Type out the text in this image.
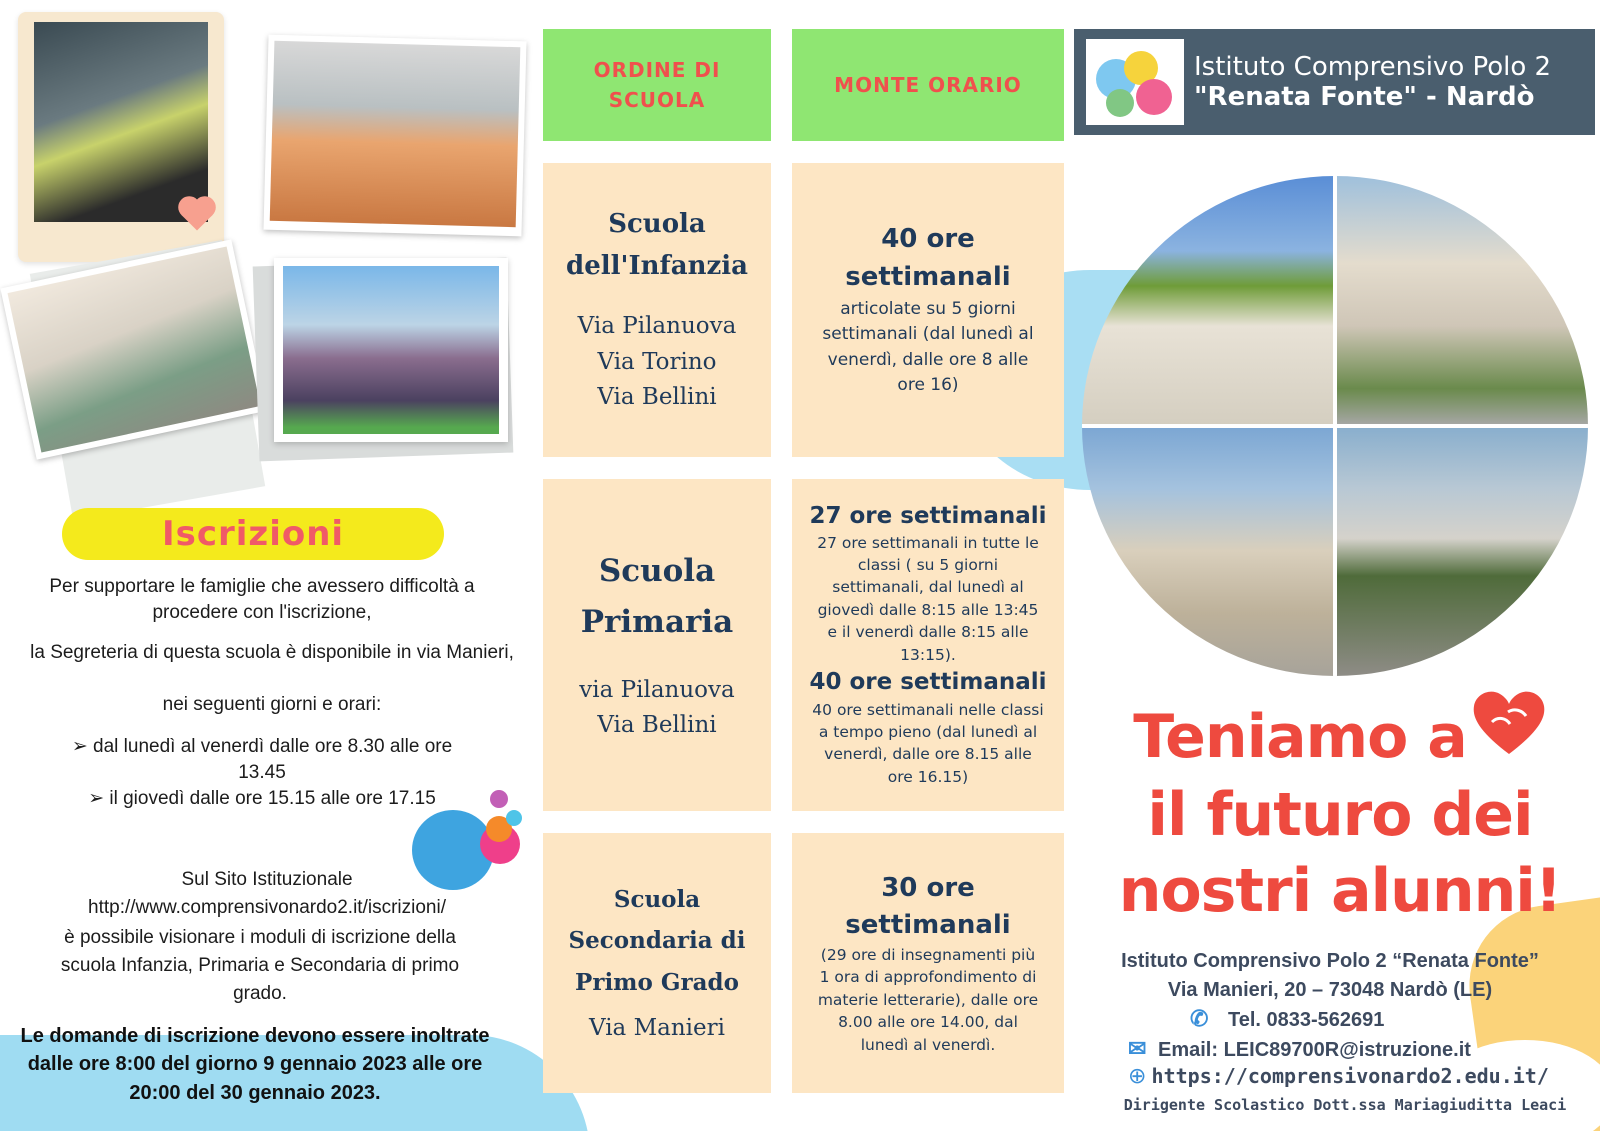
Iscrizioni
Per supportare le famiglie che avessero difficoltà a procedere con l'iscrizione,
la Segreteria di questa scuola è disponibile in via Manieri,
nei seguenti giorni e orari:
➢ dal lunedì al venerdì dalle ore 8.30 alle ore 13.45
➢ il giovedì dalle ore 15.15 alle ore 17.15
Sul Sito Istituzionale
http://www.comprensivonardo2.it/iscrizioni/
è possibile visionare i moduli di iscrizione della scuola Infanzia, Primaria e Secondaria di primo grado.
Le domande di iscrizione devono essere inoltrate dalle ore 8:00 del giorno 9 gennaio 2023 alle ore 20:00 del 30 gennaio 2023.
ORDINE DI SCUOLA
MONTE ORARIO
Scuola dell'Infanzia
Via Pilanuova
Via Torino
Via Bellini
40 ore settimanali
articolate su 5 giorni settimanali (dal lunedì al venerdì, dalle ore 8 alle ore 16)
Scuola Primaria
via Pilanuova
Via Bellini
27 ore settimanali
27 ore settimanali in tutte le classi ( su 5 giorni settimanali, dal lunedì al giovedì dalle 8:15 alle 13:45 e il venerdì dalle 8:15 alle 13:15).
40 ore settimanali
40 ore settimanali nelle classi a tempo pieno (dal lunedì al venerdì, dalle ore 8.15 alle ore 16.15)
Scuola Secondaria di Primo Grado
Via Manieri
30 ore settimanali
(29 ore di insegnamenti più 1 ora di approfondimento di materie letterarie), dalle ore 8.00 alle ore 14.00, dal lunedì al venerdì.
Istituto Comprensivo Polo 2
"Renata Fonte" - Nardò
Teniamo a
il futuro dei
nostri alunni!
Istituto Comprensivo Polo 2 “Renata Fonte”
Via Manieri, 20 – 73048 Nardò (LE)
✆ Tel. 0833-562691
✉ Email: LEIC89700R@istruzione.it
⊕ https://comprensivonardo2.edu.it/
Dirigente Scolastico Dott.ssa Mariagiuditta Leaci
